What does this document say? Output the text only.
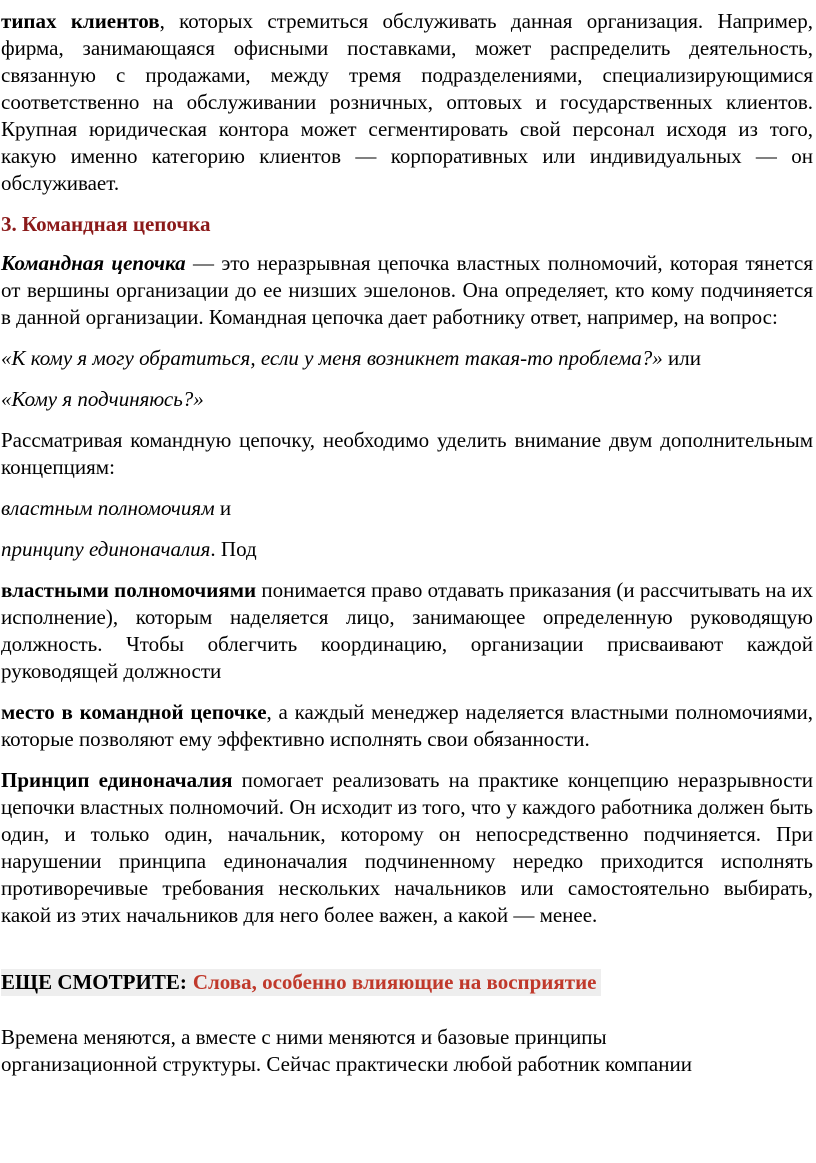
типах клиентов, которых стремиться обслуживать данная организация. Например, фирма, занимающаяся офисными поставками, может распределить деятельность, связанную с продажами, между тремя подразделениями, специализирующимися соответственно на обслуживании розничных, оптовых и государственных клиентов. Крупная юридическая контора может сегментировать свой персонал исходя из того, какую именно категорию клиентов — корпоративных или индивидуальных — он обслуживает.

3. Командная цепочка

Командная цепочка — это неразрывная цепочка властных полномочий, которая тянется от вершины организации до ее низших эшелонов. Она определяет, кто кому подчиняется в данной организации. Командная цепочка дает работнику ответ, например, на вопрос:

«К кому я могу обратиться, если у меня возникнет такая-то проблема?» или

«Кому я подчиняюсь?»

Рассматривая командную цепочку, необходимо уделить внимание двум дополнительным концепциям:

властным полномочиям и

принципу единоначалия. Под

властными полномочиями понимается право отдавать приказания (и рассчитывать на их исполнение), которым наделяется лицо, занимающее определенную руководящую должность. Чтобы облегчить координацию, организации присваивают каждой руководящей должности

место в командной цепочке, а каждый менеджер наделяется властными полномочиями, которые позволяют ему эффективно исполнять свои обязанности.

Принцип единоначалия помогает реализовать на практике концепцию неразрывности цепочки властных полномочий. Он исходит из того, что у каждого работника должен быть один, и только один, начальник, которому он непосредственно подчиняется. При нарушении принципа единоначалия подчиненному нередко приходится исполнять противоречивые требования нескольких начальников или самостоятельно выбирать, какой из этих начальников для него более важен, а какой — менее.

ЕЩЕ СМОТРИТЕ: Слова, особенно влияющие на восприятие

Времена меняются, а вместе с ними меняются и базовые принципы
организационной структуры. Сейчас практически любой работник компании
